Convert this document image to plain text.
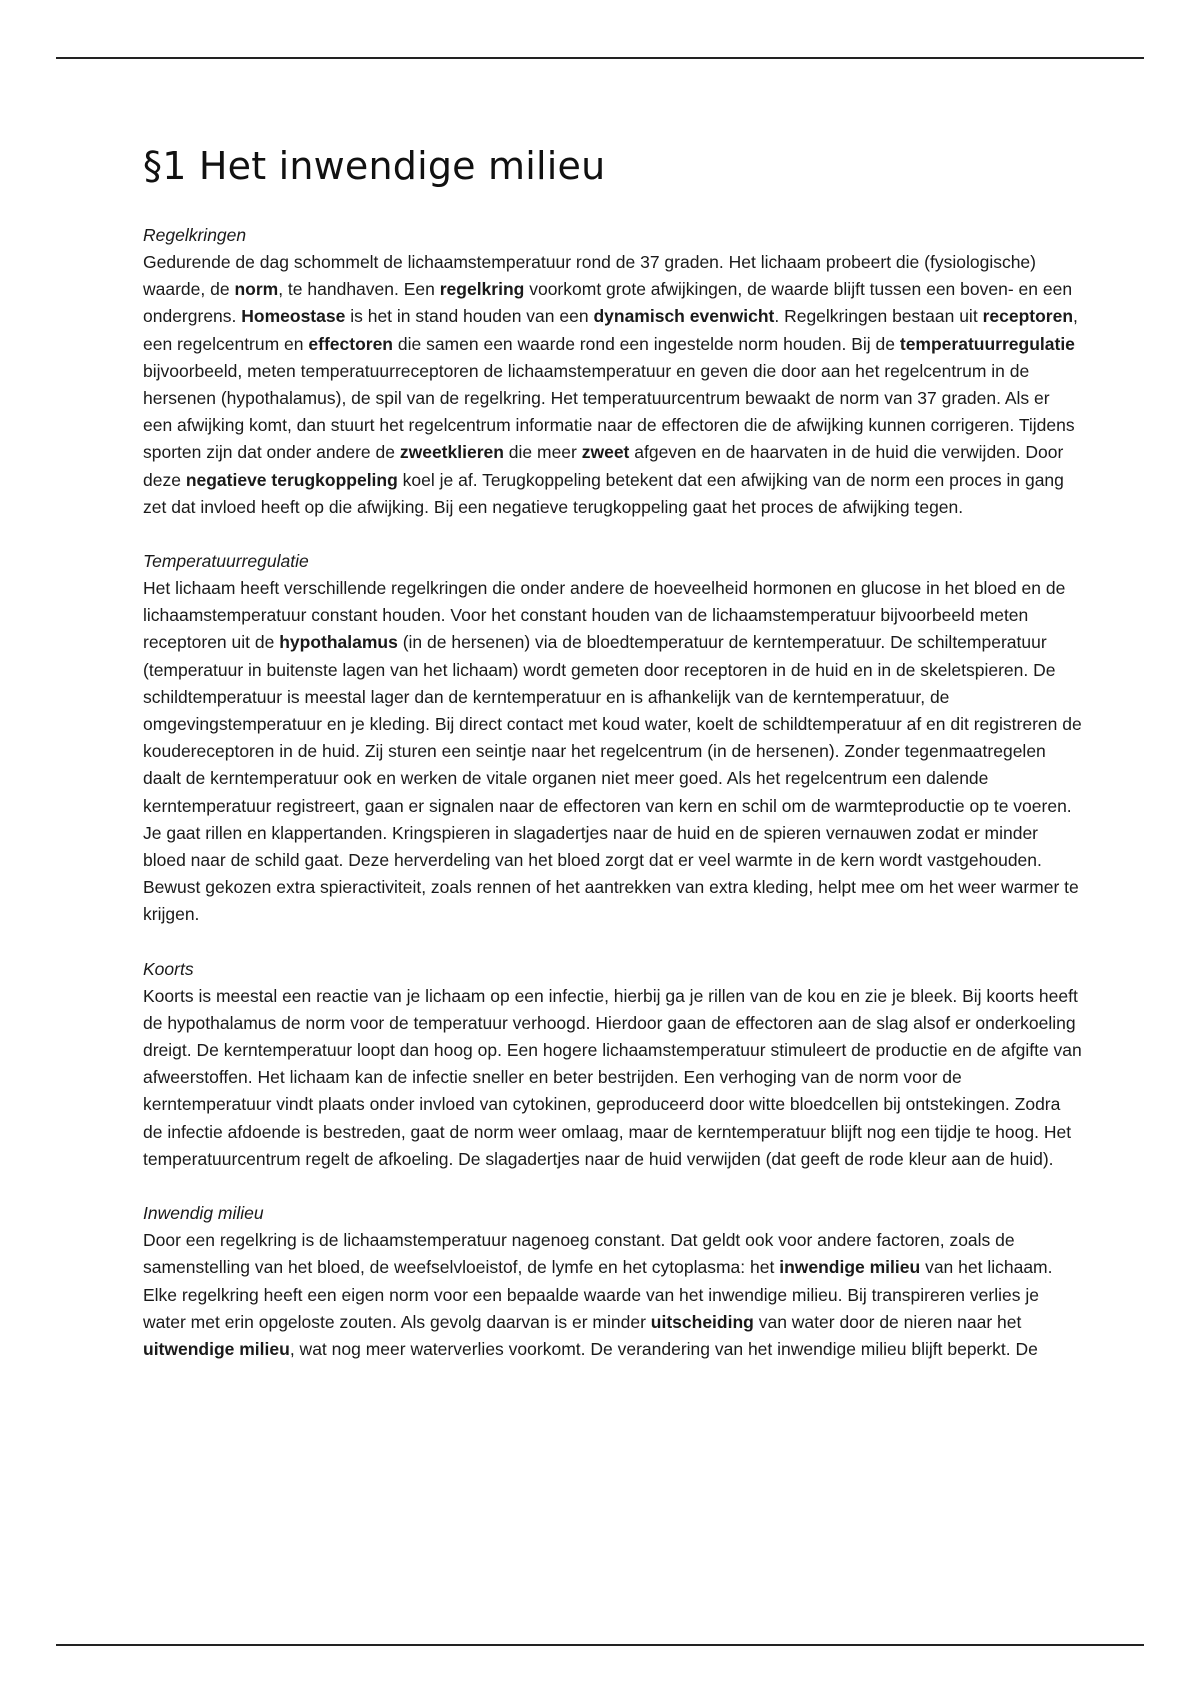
§1 Het inwendige milieu

Regelkringen

Gedurende de dag schommelt de lichaamstemperatuur rond de 37 graden. Het lichaam probeert die (fysiologische) waarde, de norm, te handhaven. Een regelkring voorkomt grote afwijkingen, de waarde blijft tussen een boven- en een ondergrens. Homeostase is het in stand houden van een dynamisch evenwicht. Regelkringen bestaan uit receptoren, een regelcentrum en effectoren die samen een waarde rond een ingestelde norm houden. Bij de temperatuurregulatie bijvoorbeeld, meten temperatuurreceptoren de lichaamstemperatuur en geven die door aan het regelcentrum in de hersenen (hypothalamus), de spil van de regelkring. Het temperatuurcentrum bewaakt de norm van 37 graden. Als er een afwijking komt, dan stuurt het regelcentrum informatie naar de effectoren die de afwijking kunnen corrigeren. Tijdens sporten zijn dat onder andere de zweetklieren die meer zweet afgeven en de haarvaten in de huid die verwijden. Door deze negatieve terugkoppeling koel je af. Terugkoppeling betekent dat een afwijking van de norm een proces in gang zet dat invloed heeft op die afwijking. Bij een negatieve terugkoppeling gaat het proces de afwijking tegen.

Temperatuurregulatie

Het lichaam heeft verschillende regelkringen die onder andere de hoeveelheid hormonen en glucose in het bloed en de lichaamstemperatuur constant houden. Voor het constant houden van de lichaamstemperatuur bijvoorbeeld meten receptoren uit de hypothalamus (in de hersenen) via de bloedtemperatuur de kerntemperatuur. De schiltemperatuur (temperatuur in buitenste lagen van het lichaam) wordt gemeten door receptoren in de huid en in de skeletspieren. De schildtemperatuur is meestal lager dan de kerntemperatuur en is afhankelijk van de kerntemperatuur, de omgevingstemperatuur en je kleding. Bij direct contact met koud water, koelt de schildtemperatuur af en dit registreren de koudereceptoren in de huid. Zij sturen een seintje naar het regelcentrum (in de hersenen). Zonder tegenmaatregelen daalt de kerntemperatuur ook en werken de vitale organen niet meer goed. Als het regelcentrum een dalende kerntemperatuur registreert, gaan er signalen naar de effectoren van kern en schil om de warmteproductie op te voeren. Je gaat rillen en klappertanden. Kringspieren in slagadertjes naar de huid en de spieren vernauwen zodat er minder bloed naar de schild gaat. Deze herverdeling van het bloed zorgt dat er veel warmte in de kern wordt vastgehouden. Bewust gekozen extra spieractiviteit, zoals rennen of het aantrekken van extra kleding, helpt mee om het weer warmer te krijgen.

Koorts

Koorts is meestal een reactie van je lichaam op een infectie, hierbij ga je rillen van de kou en zie je bleek. Bij koorts heeft de hypothalamus de norm voor de temperatuur verhoogd. Hierdoor gaan de effectoren aan de slag alsof er onderkoeling dreigt. De kerntemperatuur loopt dan hoog op. Een hogere lichaamstemperatuur stimuleert de productie en de afgifte van afweerstoffen. Het lichaam kan de infectie sneller en beter bestrijden. Een verhoging van de norm voor de kerntemperatuur vindt plaats onder invloed van cytokinen, geproduceerd door witte bloedcellen bij ontstekingen. Zodra de infectie afdoende is bestreden, gaat de norm weer omlaag, maar de kerntemperatuur blijft nog een tijdje te hoog. Het temperatuurcentrum regelt de afkoeling. De slagadertjes naar de huid verwijden (dat geeft de rode kleur aan de huid).

Inwendig milieu

Door een regelkring is de lichaamstemperatuur nagenoeg constant. Dat geldt ook voor andere factoren, zoals de samenstelling van het bloed, de weefselvloeistof, de lymfe en het cytoplasma: het inwendige milieu van het lichaam. Elke regelkring heeft een eigen norm voor een bepaalde waarde van het inwendige milieu. Bij transpireren verlies je water met erin opgeloste zouten. Als gevolg daarvan is er minder uitscheiding van water door de nieren naar het uitwendige milieu, wat nog meer waterverlies voorkomt. De verandering van het inwendige milieu blijft beperkt. De
